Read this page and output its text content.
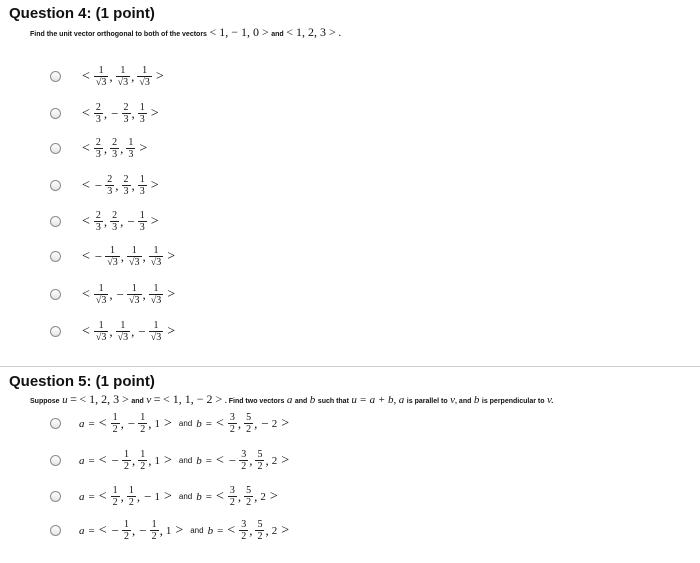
Question 4: (1 point)
Find the unit vector orthogonal to both of the vectors < 1, − 1, 0 > and < 1, 2, 3 > .
< $\frac{1}{√3}$ , $\frac{1}{√3}$ , $\frac{1}{√3}$ >
< $\frac{2}{3}$ , − $\frac{2}{3}$ , $\frac{1}{3}$ >
< $\frac{2}{3}$ , $\frac{2}{3}$ , $\frac{1}{3}$ >
< − $\frac{2}{3}$ , $\frac{2}{3}$ , $\frac{1}{3}$ >
< $\frac{2}{3}$ , $\frac{2}{3}$ , − $\frac{1}{3}$ >
< − $\frac{1}{√3}$ , $\frac{1}{√3}$ , $\frac{1}{√3}$ >
< $\frac{1}{√3}$ , − $\frac{1}{√3}$ , $\frac{1}{√3}$ >
< $\frac{1}{√3}$ , $\frac{1}{√3}$ , − $\frac{1}{√3}$ >
Question 5: (1 point)
Suppose u = < 1, 2, 3 > and v = < 1, 1, − 2 > . Find two vectors a and b such that u = a + b, a is parallel to v, and b is perpendicular to v.
a = < $\frac{1}{2}$ , − $\frac{1}{2}$ , 1 > and b = < $\frac{3}{2}$ , $\frac{5}{2}$ , − 2 >
a = < − $\frac{1}{2}$ , $\frac{1}{2}$ , 1 > and b = < − $\frac{3}{2}$ , $\frac{5}{2}$ , 2 >
a = < $\frac{1}{2}$ , $\frac{1}{2}$ , − 1 > and b = < $\frac{3}{2}$ , $\frac{5}{2}$ , 2 >
a = < − $\frac{1}{2}$ , − $\frac{1}{2}$ , 1 > and b = < $\frac{3}{2}$ , $\frac{5}{2}$ , 2 >
